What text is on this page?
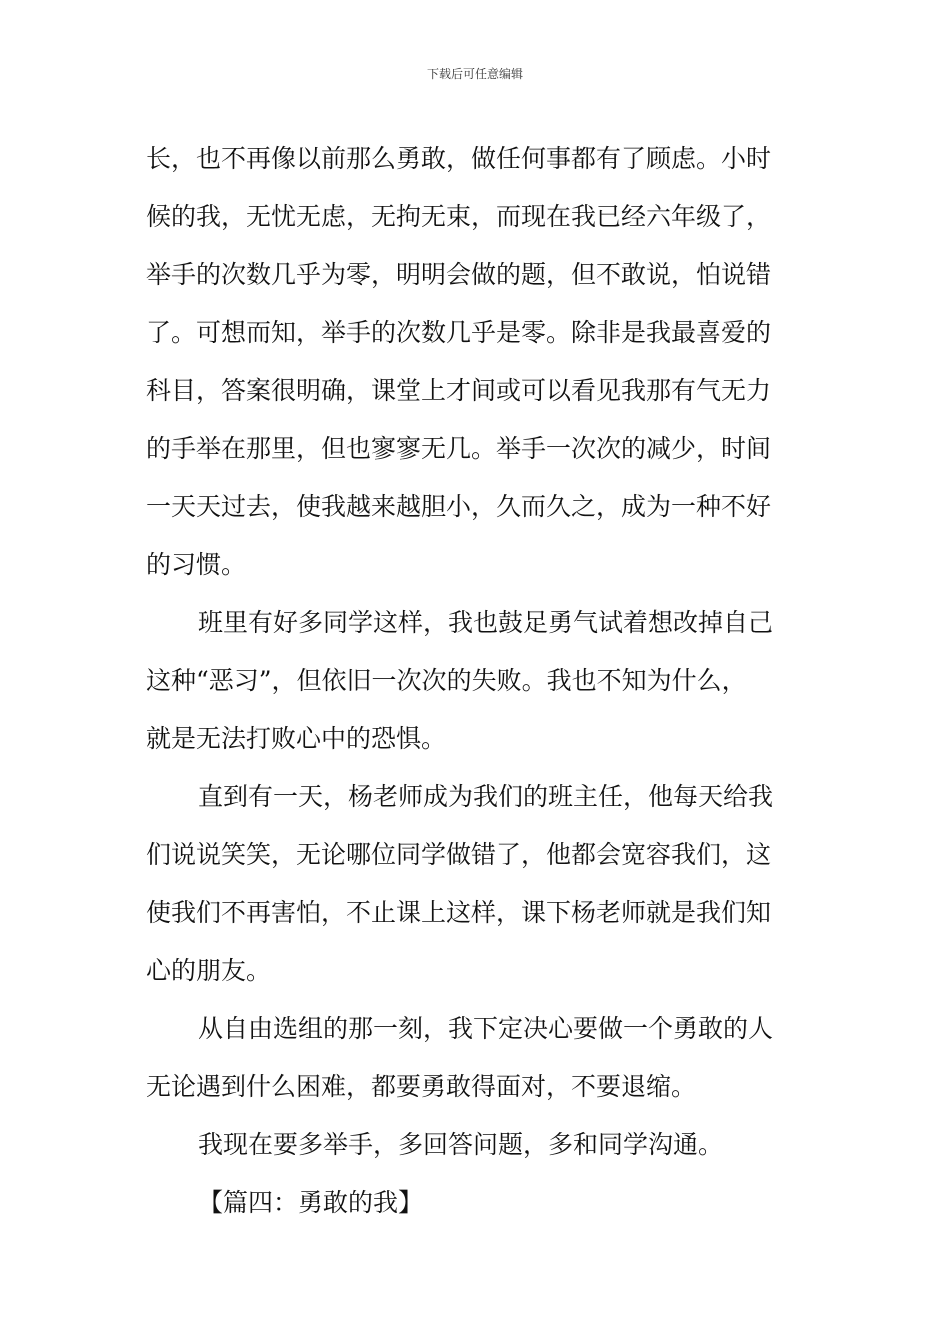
下载后可任意编辑
长，也不再像以前那么勇敢，做任何事都有了顾虑。小时
候的我，无忧无虑，无拘无束，而现在我已经六年级了，
举手的次数几乎为零，明明会做的题，但不敢说，怕说错
了。可想而知，举手的次数几乎是零。除非是我最喜爱的
科目，答案很明确，课堂上才间或可以看见我那有气无力
的手举在那里，但也寥寥无几。举手一次次的减少，时间
一天天过去，使我越来越胆小，久而久之，成为一种不好
的习惯。
班里有好多同学这样，我也鼓足勇气试着想改掉自己
这种“恶习”，但依旧一次次的失败。我也不知为什么，
就是无法打败心中的恐惧。
直到有一天，杨老师成为我们的班主任，他每天给我
们说说笑笑，无论哪位同学做错了，他都会宽容我们，这
使我们不再害怕，不止课上这样，课下杨老师就是我们知
心的朋友。
从自由选组的那一刻，我下定决心要做一个勇敢的人
无论遇到什么困难，都要勇敢得面对，不要退缩。
我现在要多举手，多回答问题，多和同学沟通。
【篇四：勇敢的我】
